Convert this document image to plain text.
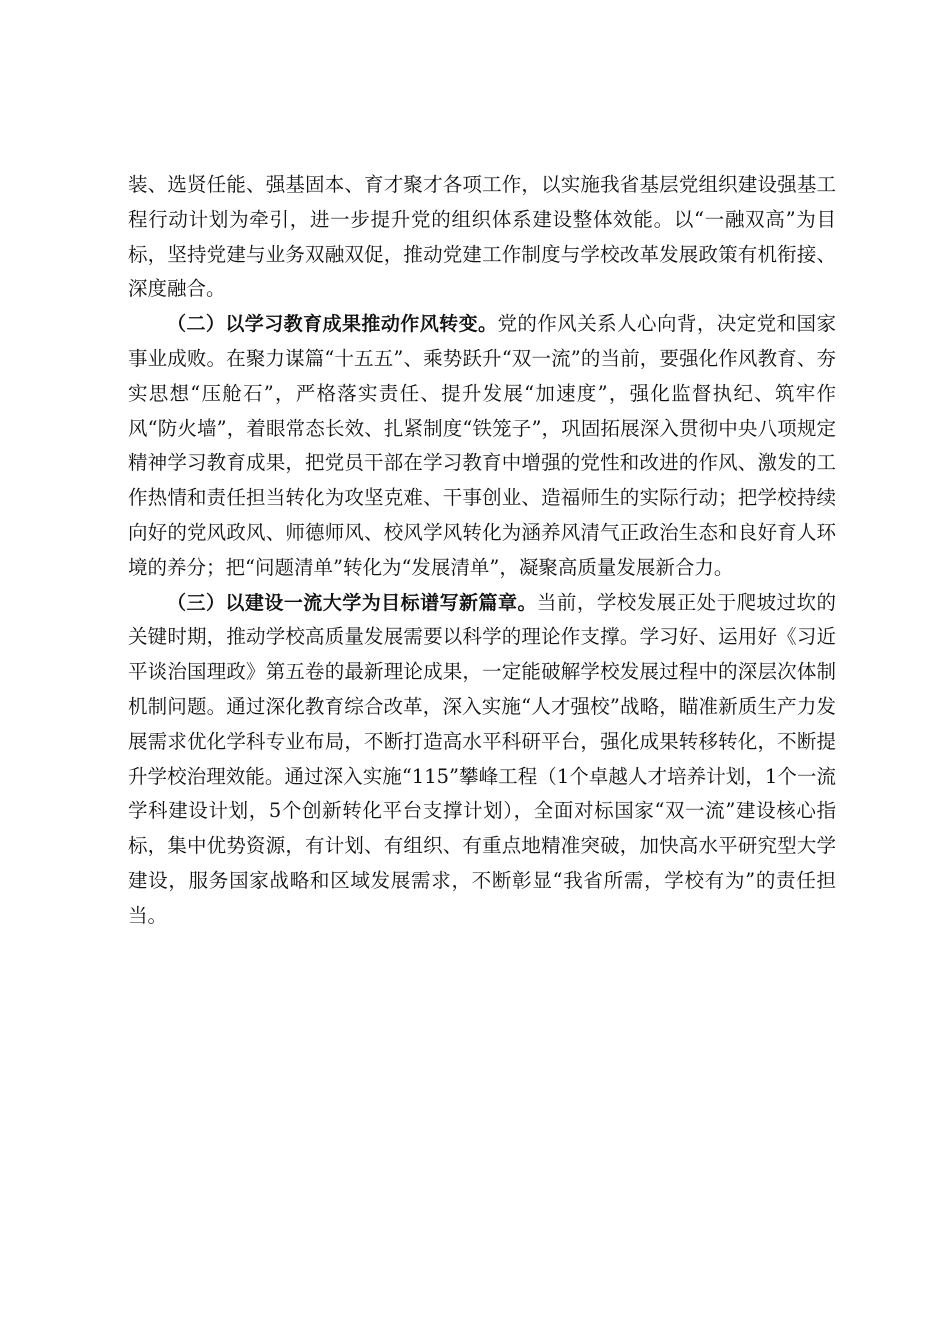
装、选贤任能、强基固本、育才聚才各项工作，以实施我省基层党组织建设强基工程行动计划为牵引，进一步提升党的组织体系建设整体效能。以“一融双高”为目标，坚持党建与业务双融双促，推动党建工作制度与学校改革发展政策有机衔接、深度融合。

（二）以学习教育成果推动作风转变。党的作风关系人心向背，决定党和国家事业成败。在聚力谋篇“十五五”、乘势跃升“双一流”的当前，要强化作风教育、夯实思想“压舱石”，严格落实责任、提升发展“加速度”，强化监督执纪、筑牢作风“防火墙”，着眼常态长效、扎紧制度“铁笼子”，巩固拓展深入贯彻中央八项规定精神学习教育成果，把党员干部在学习教育中增强的党性和改进的作风、激发的工作热情和责任担当转化为攻坚克难、干事创业、造福师生的实际行动；把学校持续向好的党风政风、师德师风、校风学风转化为涵养风清气正政治生态和良好育人环境的养分；把“问题清单”转化为“发展清单”，凝聚高质量发展新合力。

（三）以建设一流大学为目标谱写新篇章。当前，学校发展正处于爬坡过坎的关键时期，推动学校高质量发展需要以科学的理论作支撑。学习好、运用好《习近平谈治国理政》第五卷的最新理论成果，一定能破解学校发展过程中的深层次体制机制问题。通过深化教育综合改革，深入实施“人才强校”战略，瞄准新质生产力发展需求优化学科专业布局，不断打造高水平科研平台，强化成果转移转化，不断提升学校治理效能。通过深入实施“115”攀峰工程（1个卓越人才培养计划，1个一流学科建设计划，5个创新转化平台支撑计划），全面对标国家“双一流”建设核心指标，集中优势资源，有计划、有组织、有重点地精准突破，加快高水平研究型大学建设，服务国家战略和区域发展需求，不断彰显“我省所需，学校有为”的责任担当。
